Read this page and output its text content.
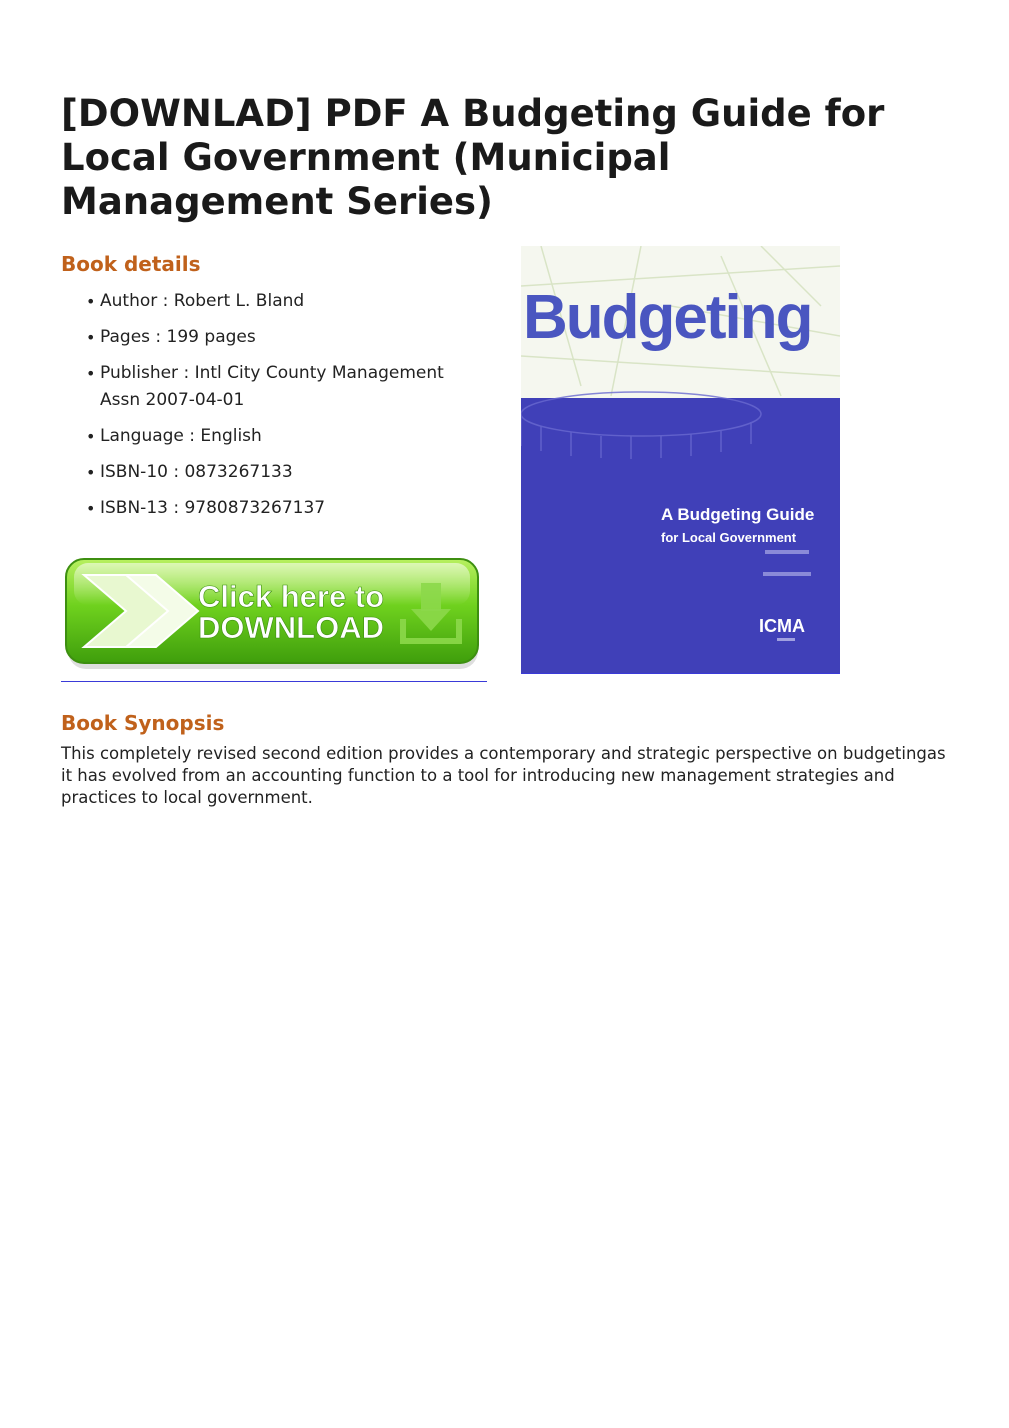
[DOWNLAD] PDF A Budgeting Guide for Local Government (Municipal Management Series)
Book details
• Author : Robert L. Bland
• Pages : 199 pages
• Publisher : Intl City County Management Assn 2007-04-01
• Language : English
• ISBN-10 : 0873267133
• ISBN-13 : 9780873267137
Click here to
DOWNLOAD
Budgeting
A Budgeting Guide
for Local Government
ICMA
Book Synopsis

This completely revised second edition provides a contemporary and strategic perspective on budgetingas it has evolved from an accounting function to a tool for introducing new management strategies and practices to local government.
